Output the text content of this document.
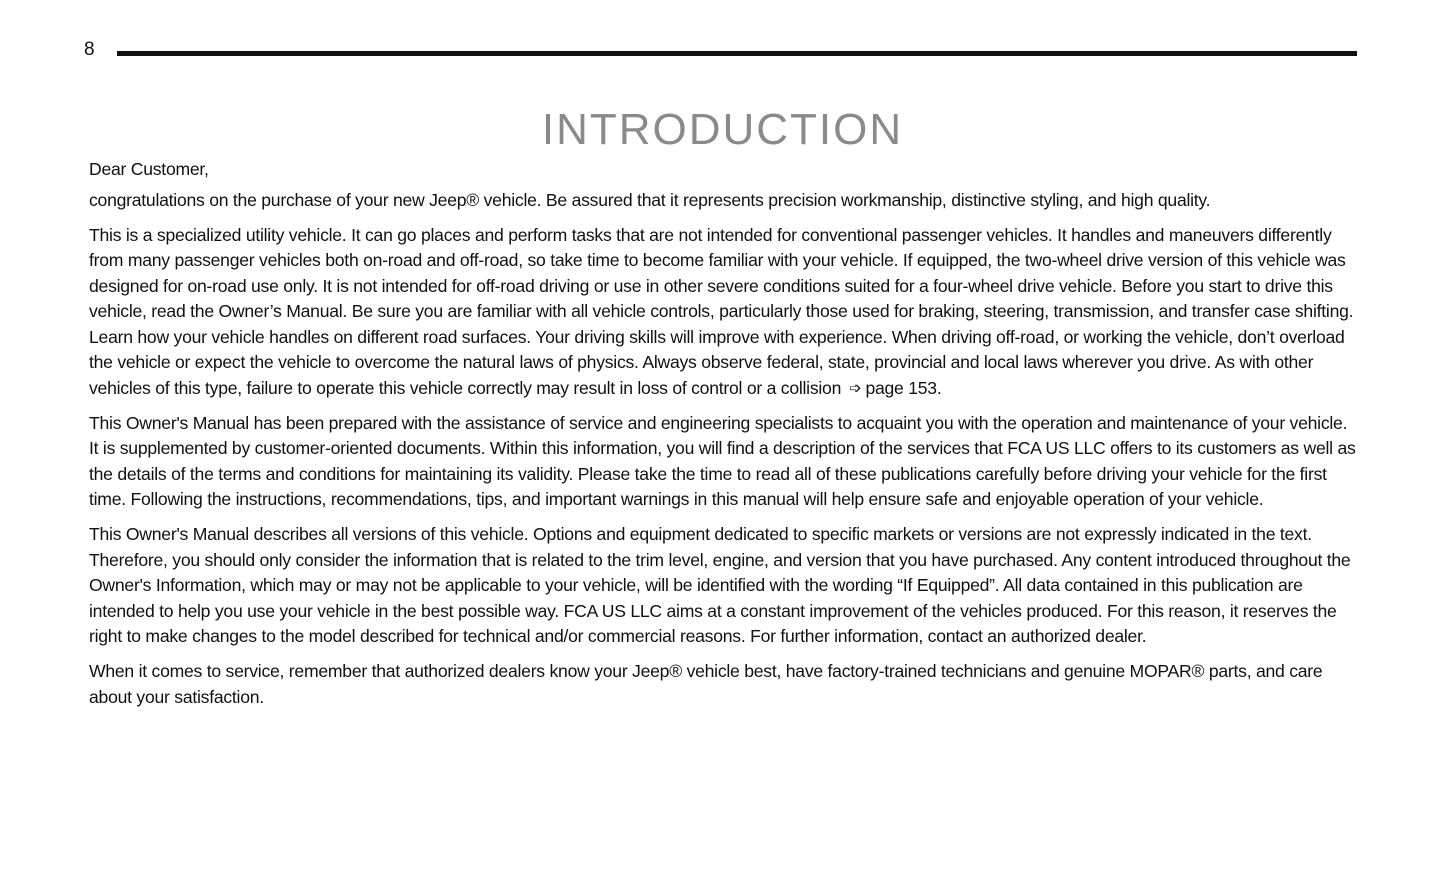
8
INTRODUCTION

Dear Customer,

congratulations on the purchase of your new Jeep® vehicle. Be assured that it represents precision workmanship, distinctive styling, and high quality.

This is a specialized utility vehicle. It can go places and perform tasks that are not intended for conventional passenger vehicles. It handles and maneuvers differently from many passenger vehicles both on-road and off-road, so take time to become familiar with your vehicle. If equipped, the two-wheel drive version of this vehicle was designed for on-road use only. It is not intended for off-road driving or use in other severe conditions suited for a four-wheel drive vehicle. Before you start to drive this vehicle, read the Owner’s Manual. Be sure you are familiar with all vehicle controls, particularly those used for braking, steering, transmission, and transfer case shifting. Learn how your vehicle handles on different road surfaces. Your driving skills will improve with experience. When driving off-road, or working the vehicle, don’t overload the vehicle or expect the vehicle to overcome the natural laws of physics. Always observe federal, state, provincial and local laws wherever you drive. As with other vehicles of this type, failure to operate this vehicle correctly may result in loss of control or a collision ➩ page 153.

This Owner's Manual has been prepared with the assistance of service and engineering specialists to acquaint you with the operation and maintenance of your vehicle. It is supplemented by customer-oriented documents. Within this information, you will find a description of the services that FCA US LLC offers to its customers as well as the details of the terms and conditions for maintaining its validity. Please take the time to read all of these publications carefully before driving your vehicle for the first time. Following the instructions, recommendations, tips, and important warnings in this manual will help ensure safe and enjoyable operation of your vehicle.

This Owner's Manual describes all versions of this vehicle. Options and equipment dedicated to specific markets or versions are not expressly indicated in the text. Therefore, you should only consider the information that is related to the trim level, engine, and version that you have purchased. Any content introduced throughout the Owner's Information, which may or may not be applicable to your vehicle, will be identified with the wording “If Equipped”. All data contained in this publication are intended to help you use your vehicle in the best possible way. FCA US LLC aims at a constant improvement of the vehicles produced. For this reason, it reserves the right to make changes to the model described for technical and/or commercial reasons. For further information, contact an authorized dealer.

When it comes to service, remember that authorized dealers know your Jeep® vehicle best, have factory-trained technicians and genuine MOPAR® parts, and care about your satisfaction.
